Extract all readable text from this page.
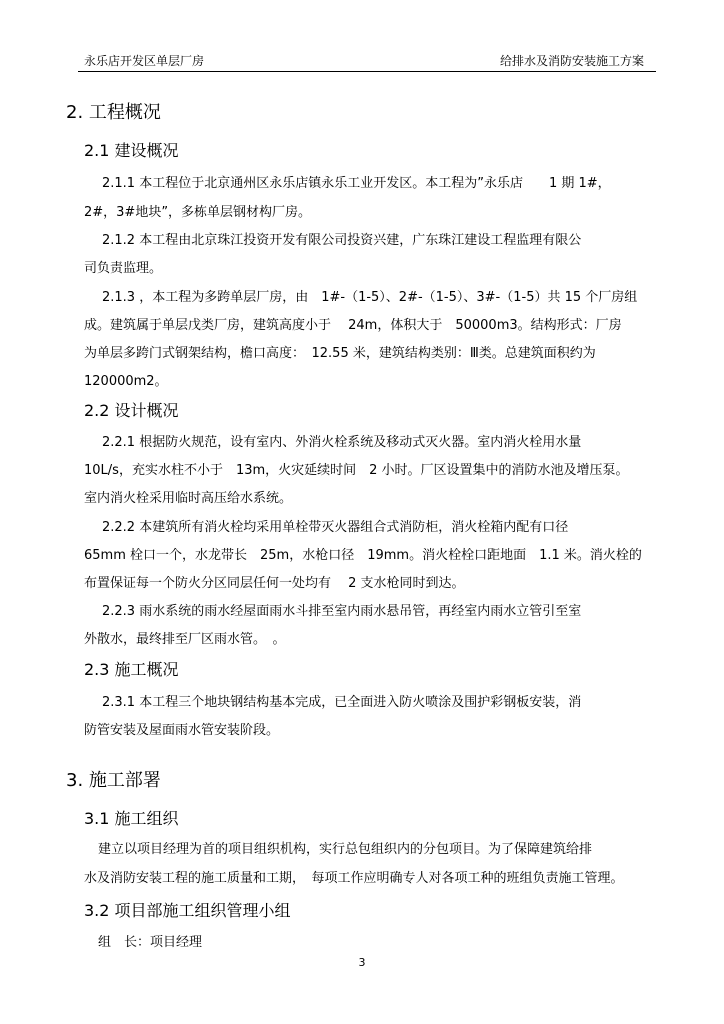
永乐店开发区单层厂房	给排水及消防安装施工方案
2. 工程概况
2.1 建设概况
2.1.1 本工程位于北京通州区永乐店镇永乐工业开发区。本工程为”永乐店　　1 期 1#，
2#，3#地块”，多栋单层钢材构厂房。
2.1.2 本工程由北京珠江投资开发有限公司投资兴建，广东珠江建设工程监理有限公
司负责监理。
2.1.3 ，本工程为多跨单层厂房，由　1#-（1-5）、2#-（1-5）、3#-（1-5）共 15 个厂房组
成。建筑属于单层戊类厂房，建筑高度小于　 24m，体积大于　50000m3。结构形式：厂房
为单层多跨门式钢架结构，檐口高度：　12.55 米，建筑结构类别：Ⅲ类。总建筑面积约为
120000m2。
2.2 设计概况
2.2.1 根据防火规范，设有室内、外消火栓系统及移动式灭火器。室内消火栓用水量
10L/s，充实水柱不小于　13m，火灾延续时间　2 小时。厂区设置集中的消防水池及增压泵。
室内消火栓采用临时高压给水系统。
2.2.2 本建筑所有消火栓均采用单栓带灭火器组合式消防柜，消火栓箱内配有口径
65mm 栓口一个，水龙带长　25m，水枪口径　19mm。消火栓栓口距地面　1.1 米。消火栓的
布置保证每一个防火分区同层任何一处均有　 2 支水枪同时到达。
2.2.3 雨水系统的雨水经屋面雨水斗排至室内雨水悬吊管，再经室内雨水立管引至室
外散水，最终排至厂区雨水管。　。
2.3 施工概况
2.3.1 本工程三个地块钢结构基本完成，已全面进入防火喷涂及围护彩钢板安装，消
防管安装及屋面雨水管安装阶段。
3. 施工部署
3.1 施工组织
建立以项目经理为首的项目组织机构，实行总包组织内的分包项目。为了保障建筑给排
水及消防安装工程的施工质量和工期，　每项工作应明确专人对各项工种的班组负责施工管理。
3.2 项目部施工组织管理小组
组　长：项目经理
3
